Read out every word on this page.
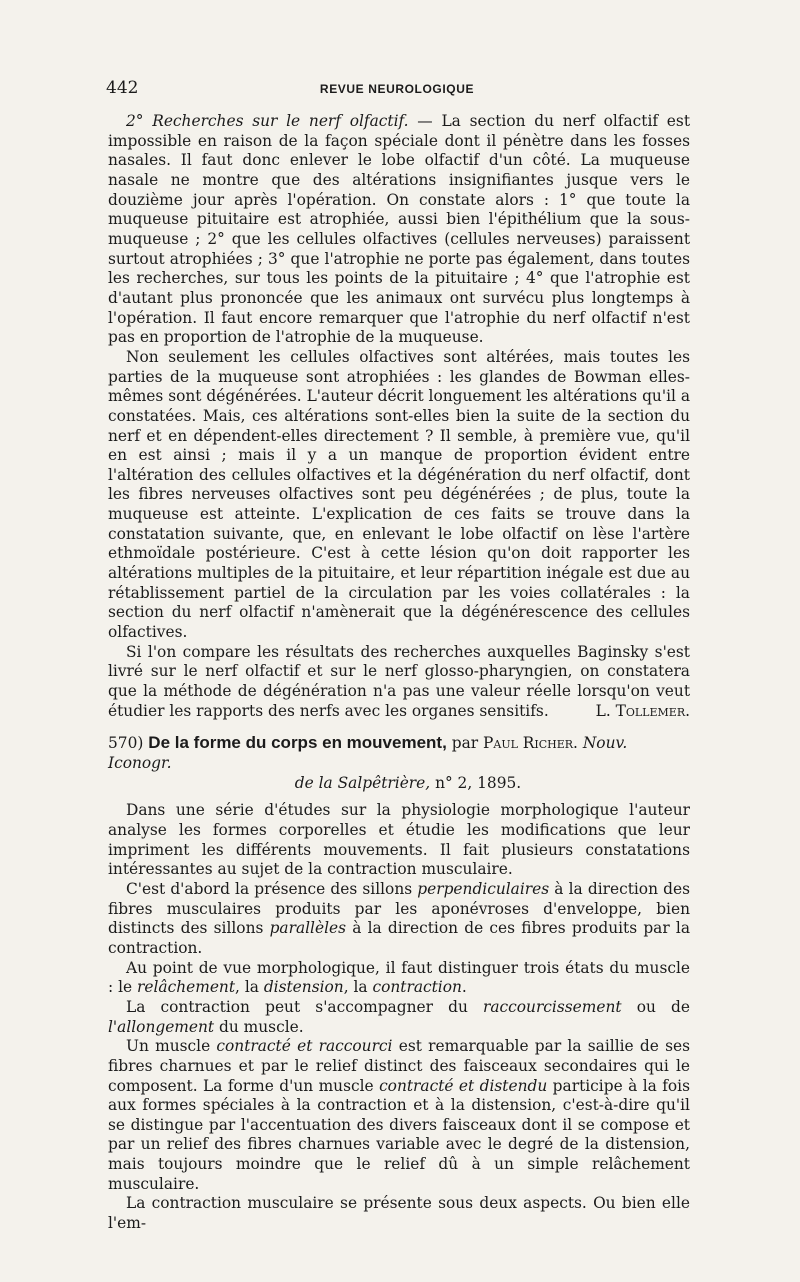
442	REVUE NEUROLOGIQUE

2° Recherches sur le nerf olfactif. — La section du nerf olfactif est impossible en raison de la façon spéciale dont il pénètre dans les fosses nasales. Il faut donc enlever le lobe olfactif d'un côté. La muqueuse nasale ne montre que des altérations insignifiantes jusque vers le douzième jour après l'opération. On constate alors : 1° que toute la muqueuse pituitaire est atrophiée, aussi bien l'épithélium que la sous-muqueuse ; 2° que les cellules olfactives (cellules nerveuses) paraissent surtout atrophiées ; 3° que l'atrophie ne porte pas également, dans toutes les recherches, sur tous les points de la pituitaire ; 4° que l'atrophie est d'autant plus prononcée que les animaux ont survécu plus longtemps à l'opération. Il faut encore remarquer que l'atrophie du nerf olfactif n'est pas en proportion de l'atrophie de la muqueuse.

Non seulement les cellules olfactives sont altérées, mais toutes les parties de la muqueuse sont atrophiées : les glandes de Bowman elles-mêmes sont dégénérées. L'auteur décrit longuement les altérations qu'il a constatées. Mais, ces altérations sont-elles bien la suite de la section du nerf et en dépendent-elles directement ? Il semble, à première vue, qu'il en est ainsi ; mais il y a un manque de proportion évident entre l'altération des cellules olfactives et la dégénération du nerf olfactif, dont les fibres nerveuses olfactives sont peu dégénérées ; de plus, toute la muqueuse est atteinte. L'explication de ces faits se trouve dans la constatation suivante, que, en enlevant le lobe olfactif on lèse l'artère ethmoïdale postérieure. C'est à cette lésion qu'on doit rapporter les altérations multiples de la pituitaire, et leur répartition inégale est due au rétablissement partiel de la circulation par les voies collatérales : la section du nerf olfactif n'amènerait que la dégénérescence des cellules olfactives.

Si l'on compare les résultats des recherches auxquelles Baginsky s'est livré sur le nerf olfactif et sur le nerf glosso-pharyngien, on constatera que la méthode de dégénération n'a pas une valeur réelle lorsqu'on veut étudier les rapports des nerfs avec les organes sensitifs.	L. Tollemer.

570) De la forme du corps en mouvement, par Paul Richer. Nouv. Iconogr.

de la Salpêtrière, n° 2, 1895.

Dans une série d'études sur la physiologie morphologique l'auteur analyse les formes corporelles et étudie les modifications que leur impriment les différents mouvements. Il fait plusieurs constatations intéressantes au sujet de la contraction musculaire.

C'est d'abord la présence des sillons perpendiculaires à la direction des fibres musculaires produits par les aponévroses d'enveloppe, bien distincts des sillons parallèles à la direction de ces fibres produits par la contraction.

Au point de vue morphologique, il faut distinguer trois états du muscle : le relâchement, la distension, la contraction.

La contraction peut s'accompagner du raccourcissement ou de l'allongement du muscle.

Un muscle contracté et raccourci est remarquable par la saillie de ses fibres charnues et par le relief distinct des faisceaux secondaires qui le composent. La forme d'un muscle contracté et distendu participe à la fois aux formes spéciales à la contraction et à la distension, c'est-à-dire qu'il se distingue par l'accentuation des divers faisceaux dont il se compose et par un relief des fibres charnues variable avec le degré de la distension, mais toujours moindre que le relief dû à un simple relâchement musculaire.

La contraction musculaire se présente sous deux aspects. Ou bien elle l'em-
